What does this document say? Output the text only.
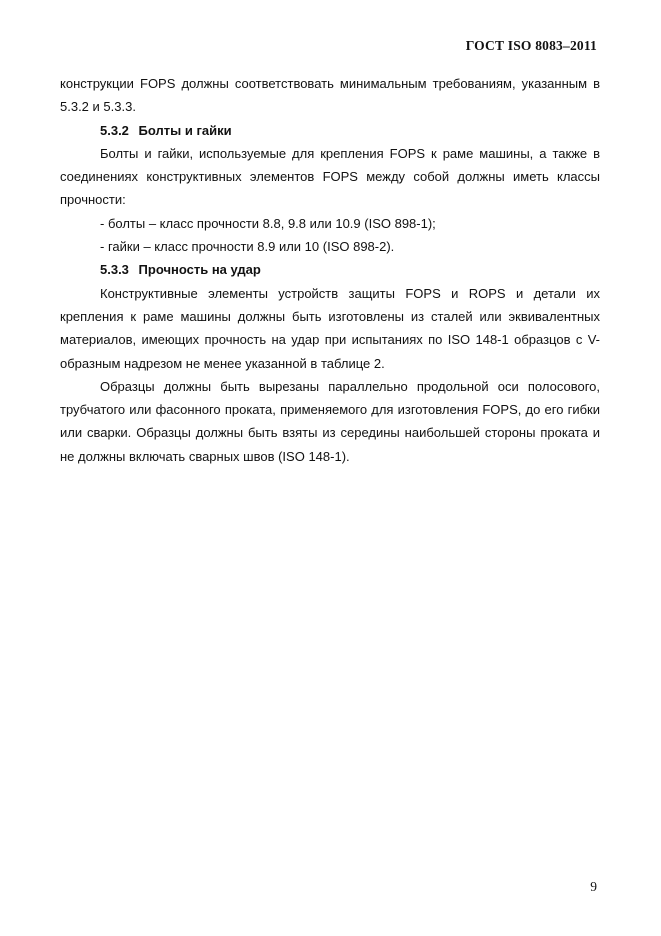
ГОСТ ISO 8083–2011

конструкции FOPS должны соответствовать минимальным требованиям, указанным в 5.3.2 и 5.3.3.

5.3.2 Болты и гайки

Болты и гайки, используемые для крепления FOPS к раме машины, а также в соединениях конструктивных элементов FOPS между собой должны иметь классы прочности:

- болты – класс прочности 8.8, 9.8 или 10.9 (ISO 898-1);

- гайки – класс прочности 8.9 или 10 (ISO 898-2).

5.3.3 Прочность на удар

Конструктивные элементы устройств защиты FOPS и ROPS и детали их крепления к раме машины должны быть изготовлены из сталей или эквивалентных материалов, имеющих прочность на удар при испытаниях по ISO 148-1 образцов с V-образным надрезом не менее указанной в таблице 2.

Образцы должны быть вырезаны параллельно продольной оси полосового, трубчатого или фасонного проката, применяемого для изготовления FOPS, до его гибки или сварки. Образцы должны быть взяты из середины наибольшей стороны проката и не должны включать сварных швов (ISO 148-1).

9
